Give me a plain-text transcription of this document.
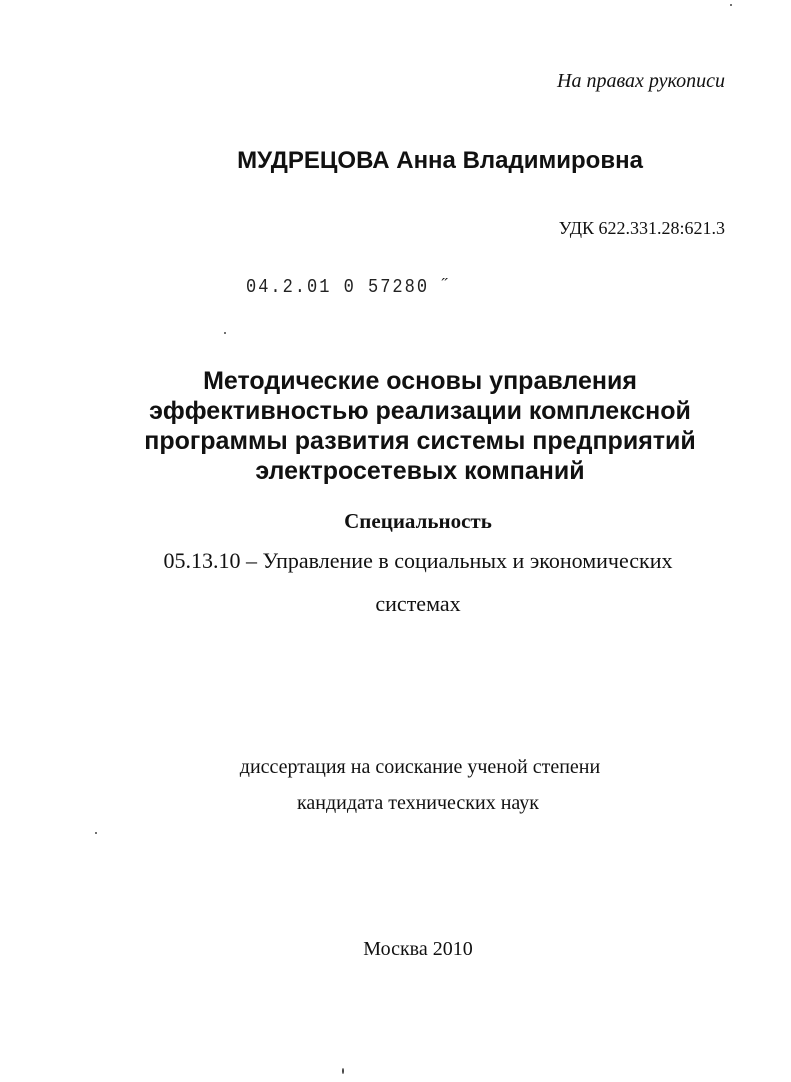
На правах рукописи
МУДРЕЦОВА Анна Владимировна
УДК 622.331.28:621.3
04.2.01 0 57280 ˝
Методические основы управления
эффективностью реализации комплексной
программы развития системы предприятий
электросетевых компаний
Специальность
05.13.10 – Управление в социальных и экономических
системах
диссертация на соискание ученой степени
кандидата технических наук
Москва 2010
